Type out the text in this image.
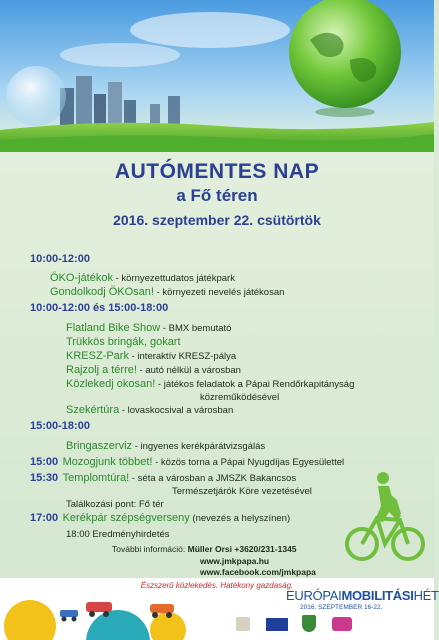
AUTÓMENTES NAP
a Fő téren
2016. szeptember 22. csütörtök
10:00-12:00
ÖKO-játékok - környezettudatos játékpark
Gondolkodj ÖKOsan! - környezeti nevelés játékosan
10:00-12:00 és 15:00-18:00
Flatland Bike Show - BMX bemutató
Trükkös bringák, gokart
KRESZ-Park - interaktív KRESZ-pálya
Rajzolj a térre! - autó nélkül a városban
Közlekedj okosan! - játékos feladatok a Pápai Rendőrkapitányság
közreműködésével
Szekértúra - lovaskocsival a városban
15:00-18:00
Bringaszerviz - ingyenes kerékpárátvizsgálás
15:00 Mozogjunk többet! - közös torna a Pápai Nyugdíjas Egyesülettel
15:30 Templomtúra! - séta a városban a JMSZK Bakancsos
Természetjárók Köre vezetésével
Találkozási pont: Fő tér
17:00 Kerékpár szépségverseny (nevezés a helyszínen)
18:00 Eredményhirdetés
További információ: Müller Orsi +3620/231-1345
www.jmkpapa.hu
www.facebook.com/jmkpapa
Észszerű közlekedés. Hatékony gazdaság.
EURÓPAIMOBILITÁSIHÉT
2016. SZEPTEMBER 16-22.
